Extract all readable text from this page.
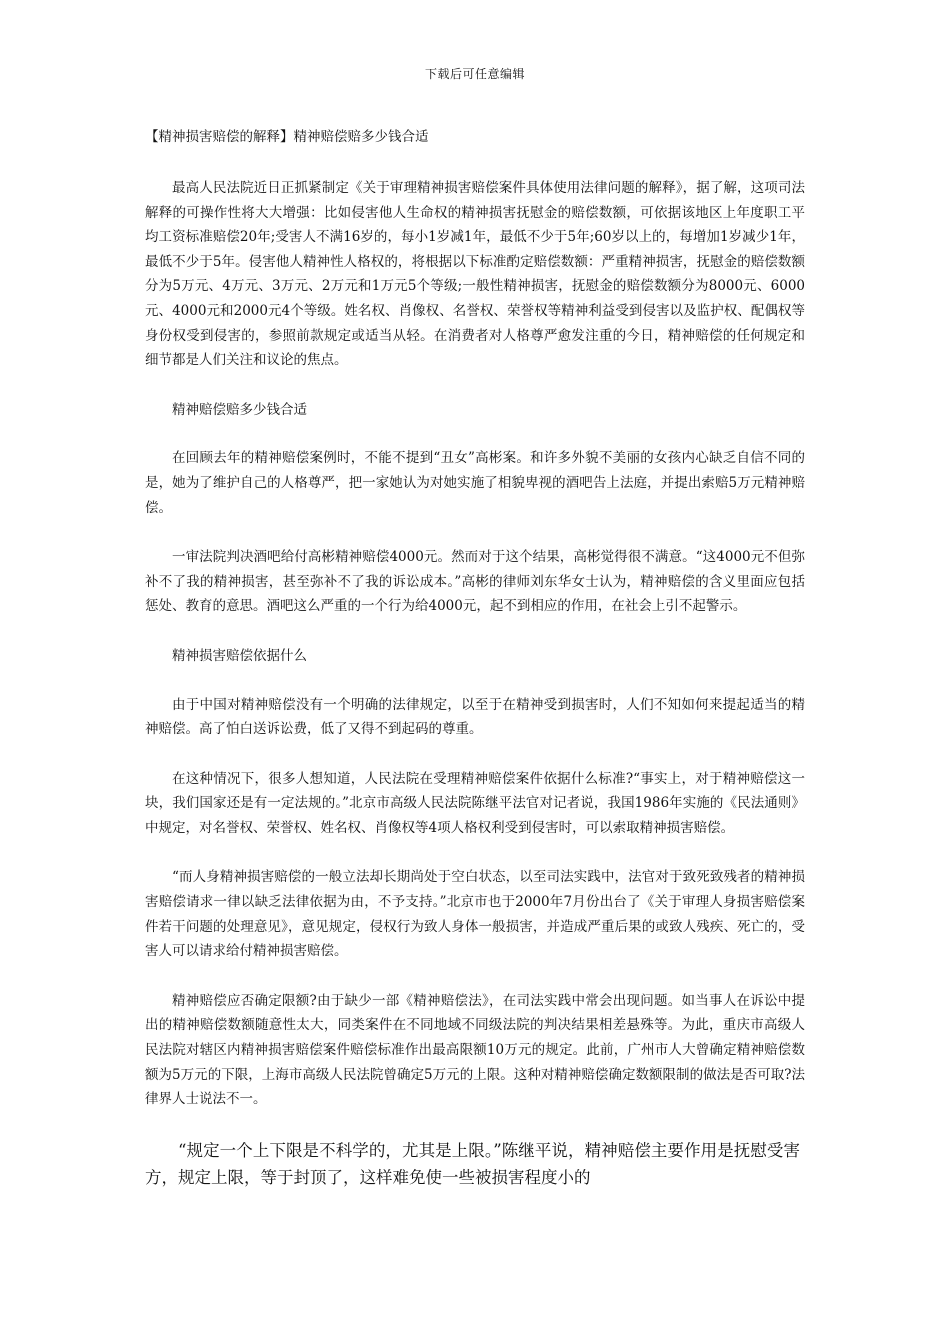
下载后可任意编辑
【精神损害赔偿的解释】精神赔偿赔多少钱合适

最高人民法院近日正抓紧制定《关于审理精神损害赔偿案件具体使用法律问题的解释》，据了解，这项司法解释的可操作性将大大增强：比如侵害他人生命权的精神损害抚慰金的赔偿数额，可依据该地区上年度职工平均工资标准赔偿20年;受害人不满16岁的，每小1岁减1年，最低不少于5年;60岁以上的，每增加1岁减少1年，最低不少于5年。侵害他人精神性人格权的，将根据以下标准酌定赔偿数额：严重精神损害，抚慰金的赔偿数额分为5万元、4万元、3万元、2万元和1万元5个等级;一般性精神损害，抚慰金的赔偿数额分为8000元、6000元、4000元和2000元4个等级。姓名权、肖像权、名誉权、荣誉权等精神利益受到侵害以及监护权、配偶权等身份权受到侵害的，参照前款规定或适当从轻。在消费者对人格尊严愈发注重的今日，精神赔偿的任何规定和细节都是人们关注和议论的焦点。

精神赔偿赔多少钱合适

在回顾去年的精神赔偿案例时，不能不提到“丑女”高彬案。和许多外貌不美丽的女孩内心缺乏自信不同的是，她为了维护自己的人格尊严，把一家她认为对她实施了相貌卑视的酒吧告上法庭，并提出索赔5万元精神赔偿。

一审法院判决酒吧给付高彬精神赔偿4000元。然而对于这个结果，高彬觉得很不满意。“这4000元不但弥补不了我的精神损害，甚至弥补不了我的诉讼成本。”高彬的律师刘东华女士认为，精神赔偿的含义里面应包括惩处、教育的意思。酒吧这么严重的一个行为给4000元，起不到相应的作用，在社会上引不起警示。

精神损害赔偿依据什么

由于中国对精神赔偿没有一个明确的法律规定，以至于在精神受到损害时，人们不知如何来提起适当的精神赔偿。高了怕白送诉讼费，低了又得不到起码的尊重。

在这种情况下，很多人想知道，人民法院在受理精神赔偿案件依据什么标准?“事实上，对于精神赔偿这一块，我们国家还是有一定法规的。”北京市高级人民法院陈继平法官对记者说，我国1986年实施的《民法通则》中规定，对名誉权、荣誉权、姓名权、肖像权等4项人格权利受到侵害时，可以索取精神损害赔偿。

“而人身精神损害赔偿的一般立法却长期尚处于空白状态，以至司法实践中，法官对于致死致残者的精神损害赔偿请求一律以缺乏法律依据为由，不予支持。”北京市也于2000年7月份出台了《关于审理人身损害赔偿案件若干问题的处理意见》，意见规定，侵权行为致人身体一般损害，并造成严重后果的或致人残疾、死亡的，受害人可以请求给付精神损害赔偿。

精神赔偿应否确定限额?由于缺少一部《精神赔偿法》，在司法实践中常会出现问题。如当事人在诉讼中提出的精神赔偿数额随意性太大，同类案件在不同地域不同级法院的判决结果相差悬殊等。为此，重庆市高级人民法院对辖区内精神损害赔偿案件赔偿标准作出最高限额10万元的规定。此前，广州市人大曾确定精神赔偿数额为5万元的下限，上海市高级人民法院曾确定5万元的上限。这种对精神赔偿确定数额限制的做法是否可取?法律界人士说法不一。

“规定一个上下限是不科学的，尤其是上限。”陈继平说，精神赔偿主要作用是抚慰受害方，规定上限，等于封顶了，这样难免使一些被损害程度小的
